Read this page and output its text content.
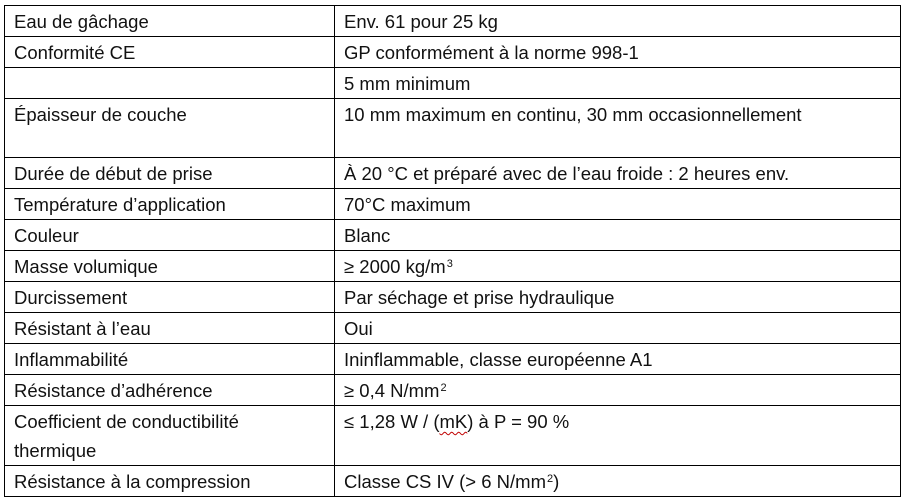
Eau de gâchage	Env. 61 pour 25 kg
Conformité CE	GP conformément à la norme 998-1
	5 mm minimum
Épaisseur de couche	10 mm maximum en continu, 30 mm occasionnellement
Durée de début de prise	À 20 °C et préparé avec de l’eau froide : 2 heures env.
Température d’application	70°C maximum
Couleur	Blanc
Masse volumique	≥ 2000 $kg/m^3$
Durcissement	Par séchage et prise hydraulique
Résistant à l’eau	Oui
Inflammabilité	Ininflammable, classe européenne A1
Résistance d’adhérence	≥ 0,4 $N/mm^2$
Coefficient de conductibilité thermique	≤ 1,28 W / (mK) à P = 90 %
Résistance à la compression	Classe CS IV (> 6 $N/mm^2$)
